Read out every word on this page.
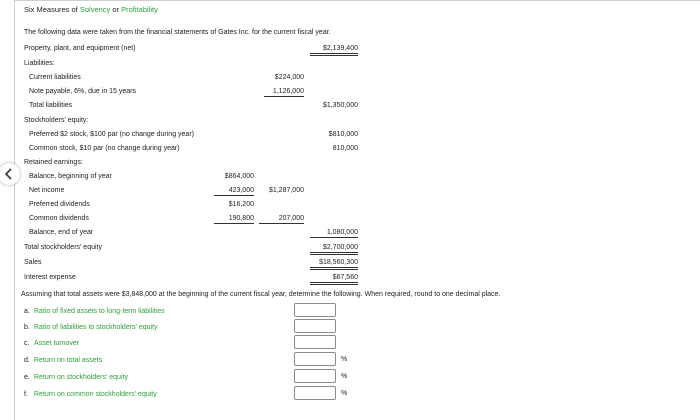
Six Measures of Solvency or Profitability
The following data were taken from the financial statements of Gates Inc. for the current fiscal year.
Property, plant, and equipment (net)	$2,139,400
Liabilities:
Current liabilities	$224,000
Note payable, 6%, due in 15 years	1,126,000
Total liabilities	$1,350,000
Stockholders' equity:
Preferred $2 stock, $100 par (no change during year)	$810,000
Common stock, $10 par (no change during year)	810,000
Retained earnings:
Balance, beginning of year	$864,000
Net income	423,000	$1,287,000
Preferred dividends	$16,200
Common dividends	190,800	207,000
Balance, end of year	1,080,000
Total stockholders' equity	$2,700,000
Sales	$18,560,300
Interest expense	$67,560
Assuming that total assets were $3,848,000 at the beginning of the current fiscal year, determine the following. When required, round to one decimal place.
a. Ratio of fixed assets to long-term liabilities
b. Ratio of liabilities to stockholders' equity
c. Asset turnover
d. Return on total assets	%
e. Return on stockholders' equity	%
f. Return on common stockholders' equity	%
